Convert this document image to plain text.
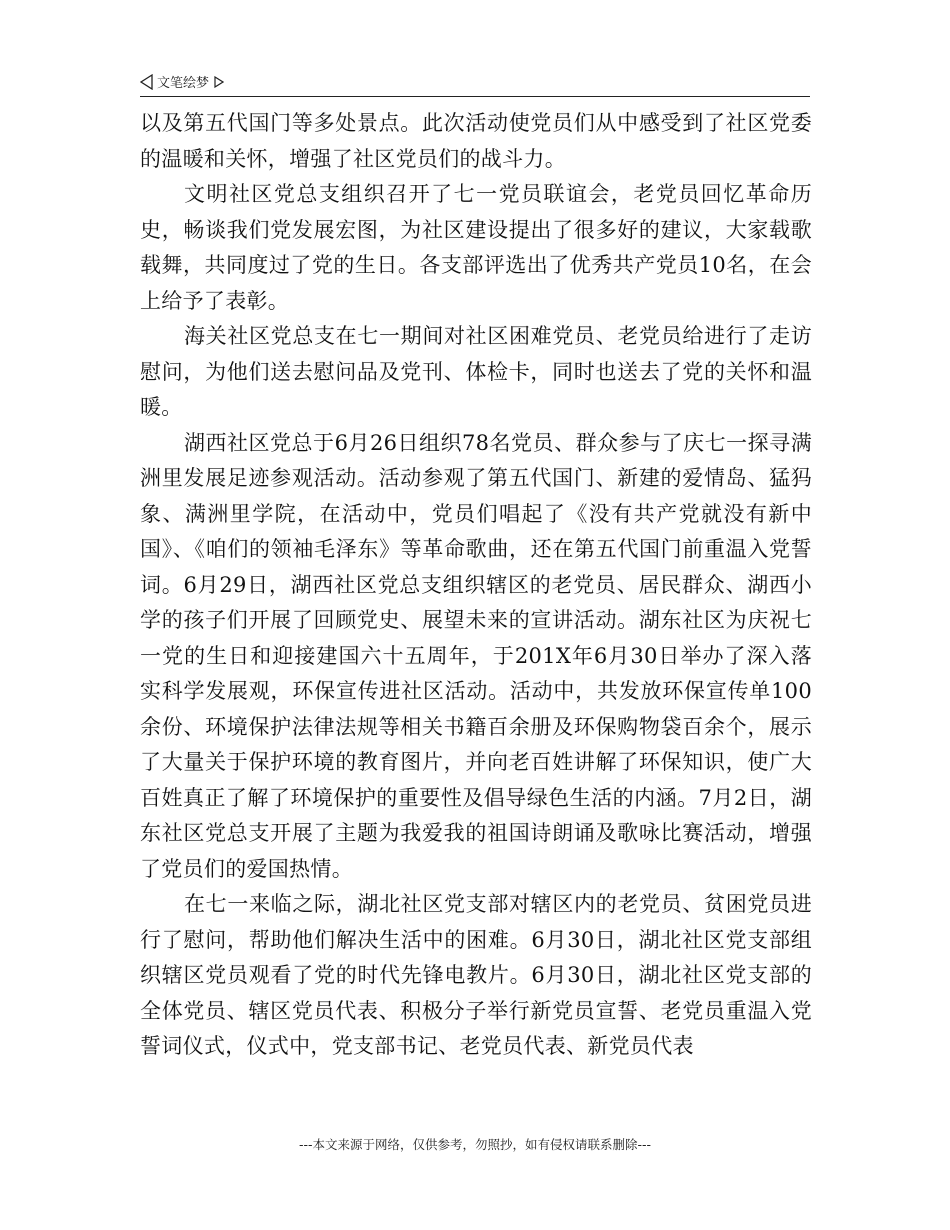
文笔绘梦

以及第五代国门等多处景点。此次活动使党员们从中感受到了社区党委的温暖和关怀，增强了社区党员们的战斗力。

文明社区党总支组织召开了七一党员联谊会，老党员回忆革命历史，畅谈我们党发展宏图，为社区建设提出了很多好的建议，大家载歌载舞，共同度过了党的生日。各支部评选出了优秀共产党员10名，在会上给予了表彰。

海关社区党总支在七一期间对社区困难党员、老党员给进行了走访慰问，为他们送去慰问品及党刊、体检卡，同时也送去了党的关怀和温暖。

湖西社区党总于6月26日组织78名党员、群众参与了庆七一探寻满洲里发展足迹参观活动。活动参观了第五代国门、新建的爱情岛、猛犸象、满洲里学院，在活动中，党员们唱起了《没有共产党就没有新中国》、《咱们的领袖毛泽东》等革命歌曲，还在第五代国门前重温入党誓词。6月29日，湖西社区党总支组织辖区的老党员、居民群众、湖西小学的孩子们开展了回顾党史、展望未来的宣讲活动。湖东社区为庆祝七一党的生日和迎接建国六十五周年，于201X年6月30日举办了深入落实科学发展观，环保宣传进社区活动。活动中，共发放环保宣传单100余份、环境保护法律法规等相关书籍百余册及环保购物袋百余个，展示了大量关于保护环境的教育图片，并向老百姓讲解了环保知识，使广大百姓真正了解了环境保护的重要性及倡导绿色生活的内涵。7月2日，湖东社区党总支开展了主题为我爱我的祖国诗朗诵及歌咏比赛活动，增强了党员们的爱国热情。

在七一来临之际，湖北社区党支部对辖区内的老党员、贫困党员进行了慰问，帮助他们解决生活中的困难。6月30日，湖北社区党支部组织辖区党员观看了党的时代先锋电教片。6月30日，湖北社区党支部的全体党员、辖区党员代表、积极分子举行新党员宣誓、老党员重温入党誓词仪式，仪式中，党支部书记、老党员代表、新党员代表

---本文来源于网络，仅供参考，勿照抄，如有侵权请联系删除---
